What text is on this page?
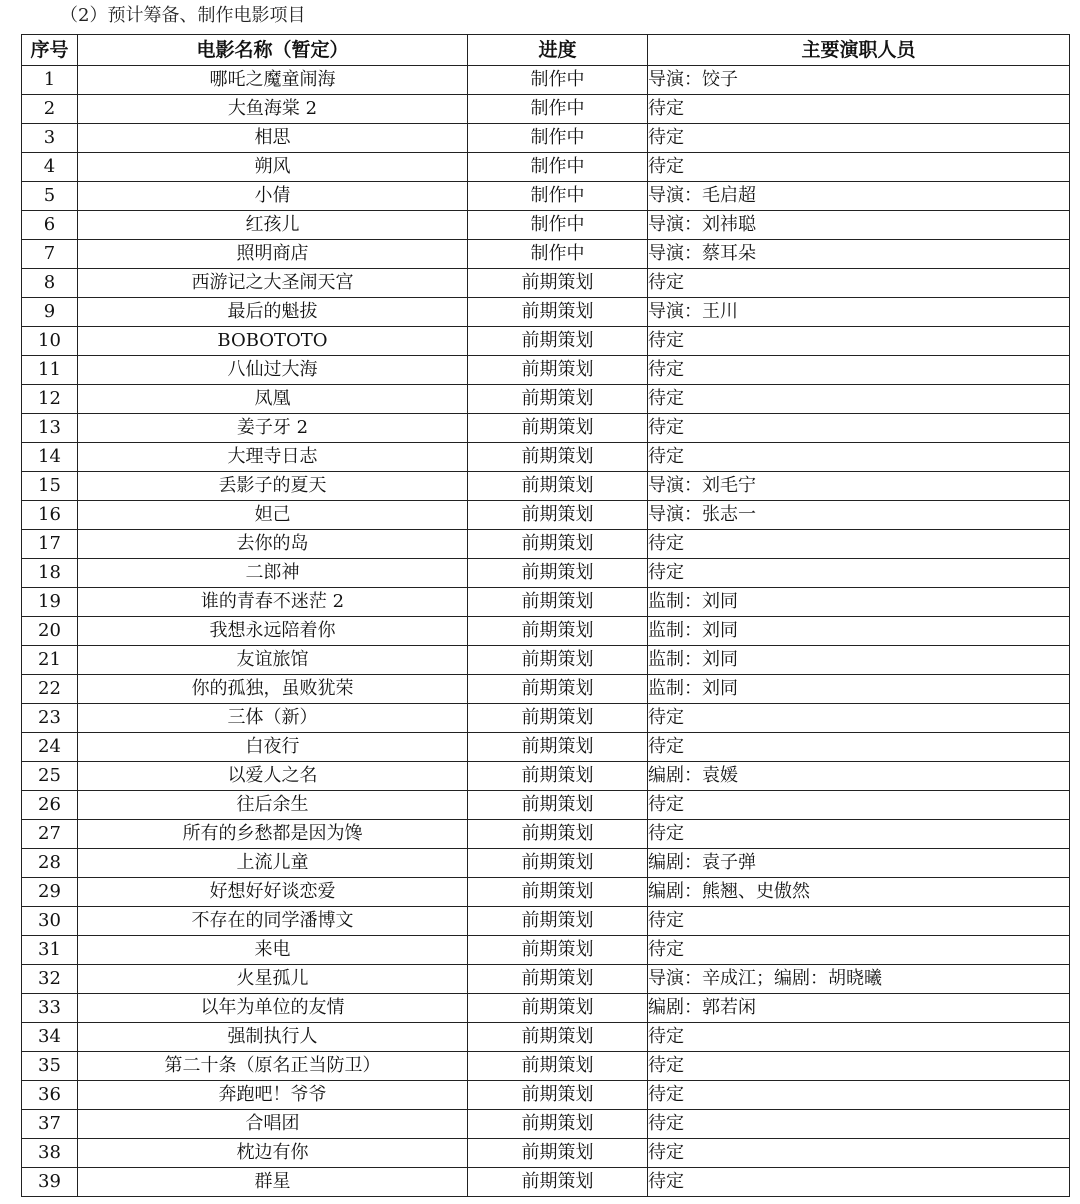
（2）预计筹备、制作电影项目
序号	电影名称（暂定）	进度	主要演职人员
1	哪吒之魔童闹海	制作中	导演：饺子
2	大鱼海棠 2	制作中	待定
3	相思	制作中	待定
4	朔风	制作中	待定
5	小倩	制作中	导演：毛启超
6	红孩儿	制作中	导演：刘祎聪
7	照明商店	制作中	导演：蔡耳朵
8	西游记之大圣闹天宫	前期策划	待定
9	最后的魁拔	前期策划	导演：王川
10	BOBOTOTO	前期策划	待定
11	八仙过大海	前期策划	待定
12	凤凰	前期策划	待定
13	姜子牙 2	前期策划	待定
14	大理寺日志	前期策划	待定
15	丢影子的夏天	前期策划	导演：刘毛宁
16	妲己	前期策划	导演：张志一
17	去你的岛	前期策划	待定
18	二郎神	前期策划	待定
19	谁的青春不迷茫 2	前期策划	监制：刘同
20	我想永远陪着你	前期策划	监制：刘同
21	友谊旅馆	前期策划	监制：刘同
22	你的孤独，虽败犹荣	前期策划	监制：刘同
23	三体（新）	前期策划	待定
24	白夜行	前期策划	待定
25	以爱人之名	前期策划	编剧：袁媛
26	往后余生	前期策划	待定
27	所有的乡愁都是因为馋	前期策划	待定
28	上流儿童	前期策划	编剧：袁子弹
29	好想好好谈恋爱	前期策划	编剧：熊翘、史傲然
30	不存在的同学潘博文	前期策划	待定
31	来电	前期策划	待定
32	火星孤儿	前期策划	导演：辛成江；编剧：胡晓曦
33	以年为单位的友情	前期策划	编剧：郭若闲
34	强制执行人	前期策划	待定
35	第二十条（原名正当防卫）	前期策划	待定
36	奔跑吧！爷爷	前期策划	待定
37	合唱团	前期策划	待定
38	枕边有你	前期策划	待定
39	群星	前期策划	待定
